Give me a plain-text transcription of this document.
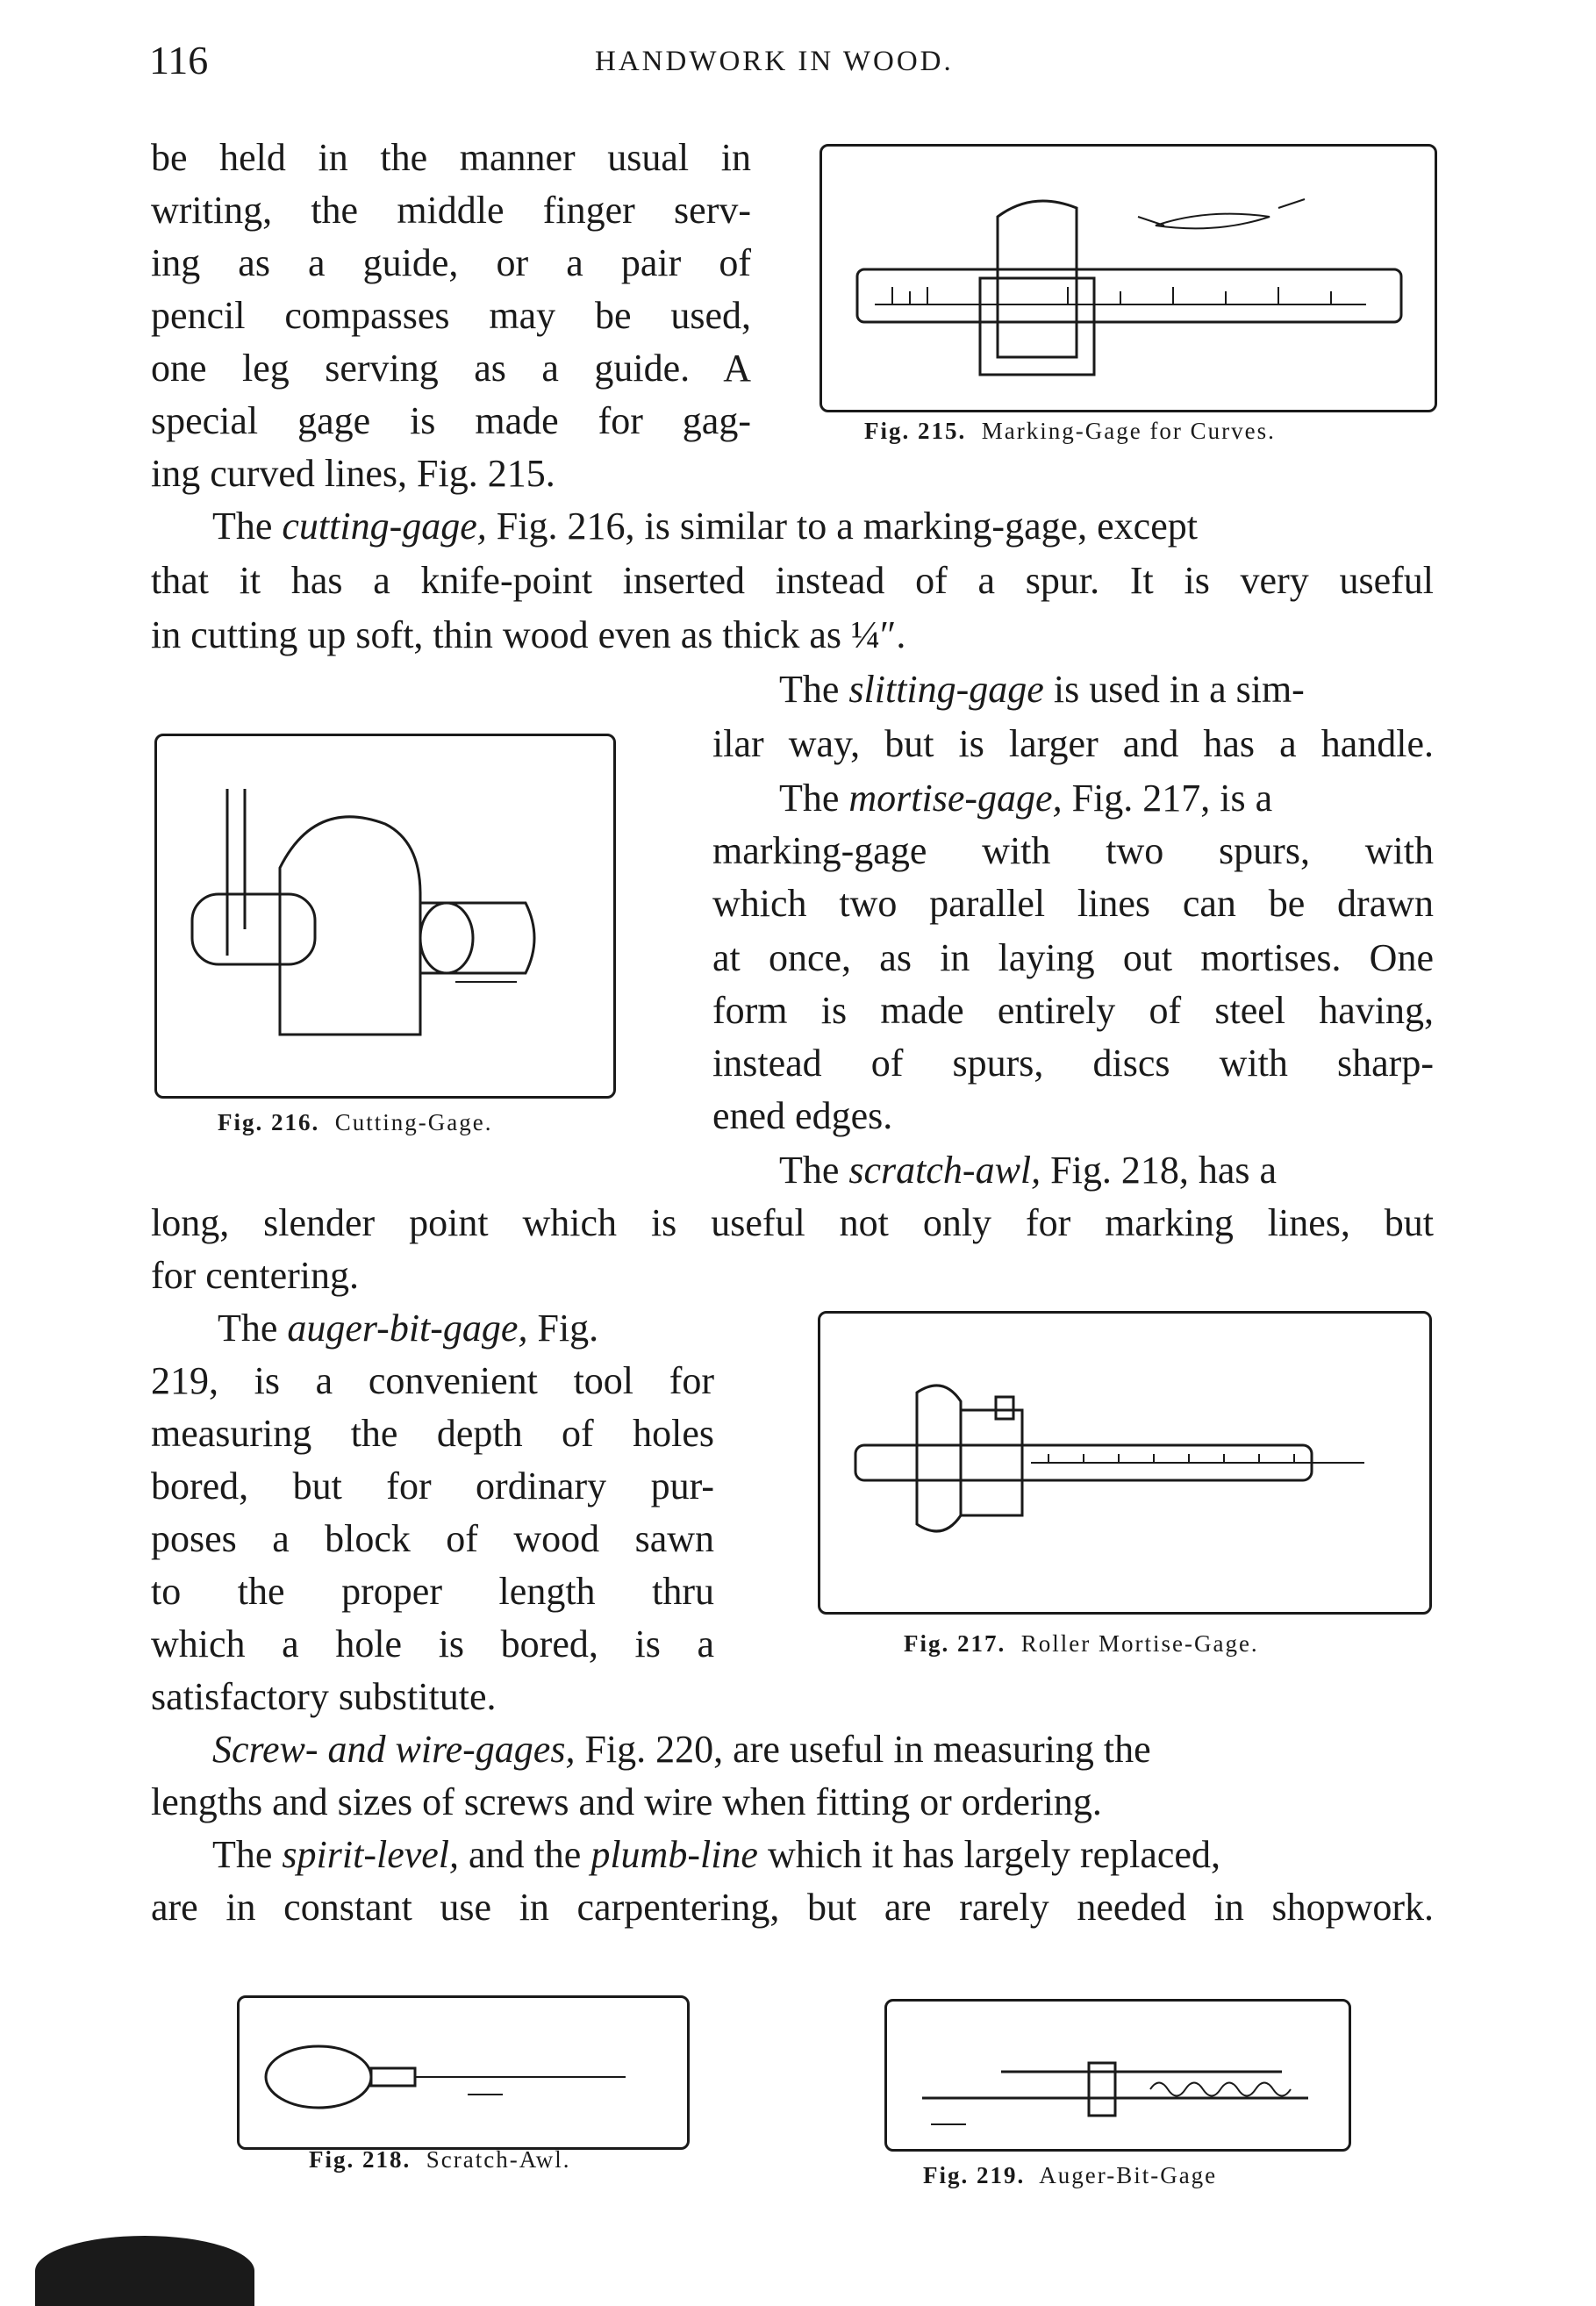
116	HANDWORK IN WOOD.
be held in the manner usual in
writing, the middle finger serv-
ing as a guide, or a pair of
pencil compasses may be used,
one leg serving as a guide. A
special gage is made for gag-
ing curved lines, Fig. 215.
The cutting-gage, Fig. 216, is similar to a marking-gage, except
that it has a knife-point inserted instead of a spur. It is very useful
in cutting up soft, thin wood even as thick as ¼″.
The slitting-gage is used in a sim-
ilar way, but is larger and has a handle.
The mortise-gage, Fig. 217, is a
marking-gage with two spurs, with
which two parallel lines can be drawn
at once, as in laying out mortises. One
form is made entirely of steel having,
instead of spurs, discs with sharp-
ened edges.
The scratch-awl, Fig. 218, has a
long, slender point which is useful not only for marking lines, but
for centering.
The auger-bit-gage, Fig.
219, is a convenient tool for
measuring the depth of holes
bored, but for ordinary pur-
poses a block of wood sawn
to the proper length thru
which a hole is bored, is a
satisfactory substitute.
Screw- and wire-gages, Fig. 220, are useful in measuring the
lengths and sizes of screws and wire when fitting or ordering.
The spirit-level, and the plumb-line which it has largely replaced,
are in constant use in carpentering, but are rarely needed in shopwork.
Fig. 215. Marking-Gage for Curves.
Fig. 216. Cutting-Gage.
Fig. 217. Roller Mortise-Gage.
Fig. 218. Scratch-Awl.
Fig. 219. Auger-Bit-Gage
